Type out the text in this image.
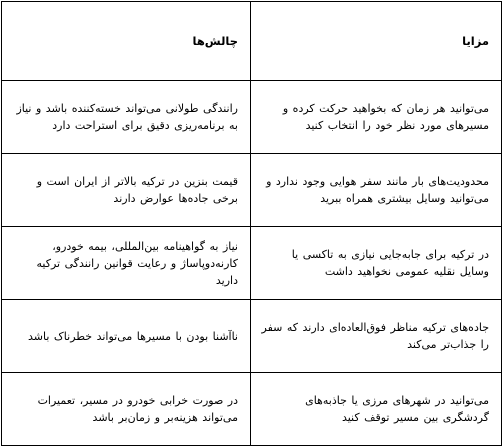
مزایا	چالش‌ها
می‌توانید هر زمان که بخواهید حرکت کرده و مسیرهای مورد نظر خود را انتخاب کنید	رانندگی طولانی می‌تواند خسته‌کننده باشد و نیاز به برنامه‌ریزی دقیق برای استراحت دارد
محدودیت‌های بار مانند سفر هوایی وجود ندارد و می‌توانید وسایل بیشتری همراه ببرید	قیمت بنزین در ترکیه بالاتر از ایران است و برخی جاده‌ها عوارض دارند
در ترکیه برای جابه‌جایی نیازی به تاکسی یا وسایل نقلیه عمومی نخواهید داشت	نیاز به گواهینامه بین‌المللی، بیمه خودرو، کارنه‌دوپاساژ و رعایت قوانین رانندگی ترکیه دارید
جاده‌های ترکیه مناظر فوق‌العاده‌ای دارند که سفر را جذاب‌تر می‌کند	ناآشنا بودن با مسیرها می‌تواند خطرناک باشد
می‌توانید در شهرهای مرزی یا جاذبه‌های گردشگری بین مسیر توقف کنید	در صورت خرابی خودرو در مسیر، تعمیرات می‌تواند هزینه‌بر و زمان‌بر باشد
